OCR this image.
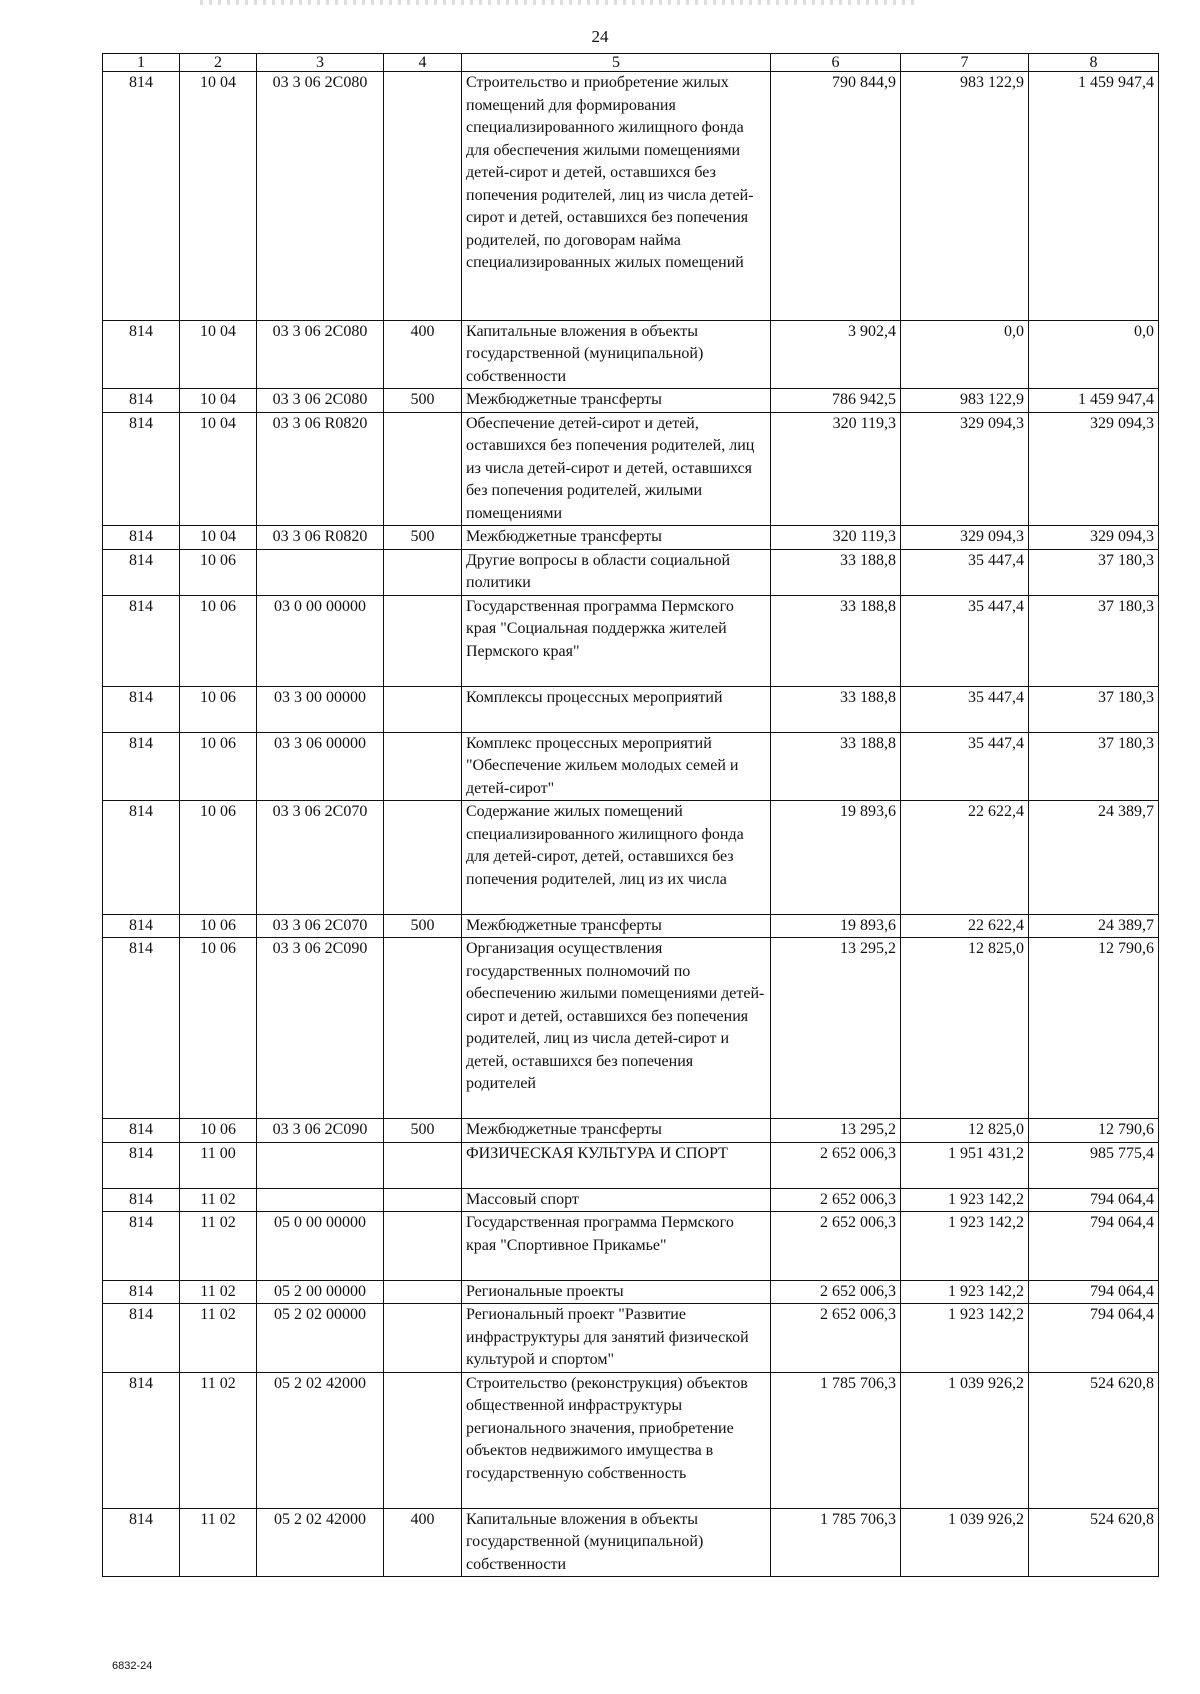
24
1	2	3	4	5	6	7	8
814	10 04	03 3 06 2С080		Строительство и приобретение жилых помещений для формирования специализированного жилищного фонда для обеспечения жилыми помещениями детей-сирот и детей, оставшихся без попечения родителей, лиц из числа детей-сирот и детей, оставшихся без попечения родителей, по договорам найма специализированных жилых помещений	790 844,9	983 122,9	1 459 947,4
814	10 04	03 3 06 2С080	400	Капитальные вложения в объекты государственной (муниципальной) собственности	3 902,4	0,0	0,0
814	10 04	03 3 06 2С080	500	Межбюджетные трансферты	786 942,5	983 122,9	1 459 947,4
814	10 04	03 3 06 R0820		Обеспечение детей-сирот и детей, оставшихся без попечения родителей, лиц из числа детей-сирот и детей, оставшихся без попечения родителей, жилыми помещениями	320 119,3	329 094,3	329 094,3
814	10 04	03 3 06 R0820	500	Межбюджетные трансферты	320 119,3	329 094,3	329 094,3
814	10 06			Другие вопросы в области социальной политики	33 188,8	35 447,4	37 180,3
814	10 06	03 0 00 00000		Государственная программа Пермского края "Социальная поддержка жителей Пермского края"	33 188,8	35 447,4	37 180,3
814	10 06	03 3 00 00000		Комплексы процессных мероприятий	33 188,8	35 447,4	37 180,3
814	10 06	03 3 06 00000		Комплекс процессных мероприятий "Обеспечение жильем молодых семей и детей-сирот"	33 188,8	35 447,4	37 180,3
814	10 06	03 3 06 2С070		Содержание жилых помещений специализированного жилищного фонда для детей-сирот, детей, оставшихся без попечения родителей, лиц из их числа	19 893,6	22 622,4	24 389,7
814	10 06	03 3 06 2С070	500	Межбюджетные трансферты	19 893,6	22 622,4	24 389,7
814	10 06	03 3 06 2С090		Организация осуществления государственных полномочий по обеспечению жилыми помещениями детей-сирот и детей, оставшихся без попечения родителей, лиц из числа детей-сирот и детей, оставшихся без попечения родителей	13 295,2	12 825,0	12 790,6
814	10 06	03 3 06 2С090	500	Межбюджетные трансферты	13 295,2	12 825,0	12 790,6
814	11 00			ФИЗИЧЕСКАЯ КУЛЬТУРА И СПОРТ	2 652 006,3	1 951 431,2	985 775,4
814	11 02			Массовый спорт	2 652 006,3	1 923 142,2	794 064,4
814	11 02	05 0 00 00000		Государственная программа Пермского края "Спортивное Прикамье"	2 652 006,3	1 923 142,2	794 064,4
814	11 02	05 2 00 00000		Региональные проекты	2 652 006,3	1 923 142,2	794 064,4
814	11 02	05 2 02 00000		Региональный проект "Развитие инфраструктуры для занятий физической культурой и спортом"	2 652 006,3	1 923 142,2	794 064,4
814	11 02	05 2 02 42000		Строительство (реконструкция) объектов общественной инфраструктуры регионального значения, приобретение объектов недвижимого имущества в государственную собственность	1 785 706,3	1 039 926,2	524 620,8
814	11 02	05 2 02 42000	400	Капитальные вложения в объекты государственной (муниципальной) собственности	1 785 706,3	1 039 926,2	524 620,8
6832-24
